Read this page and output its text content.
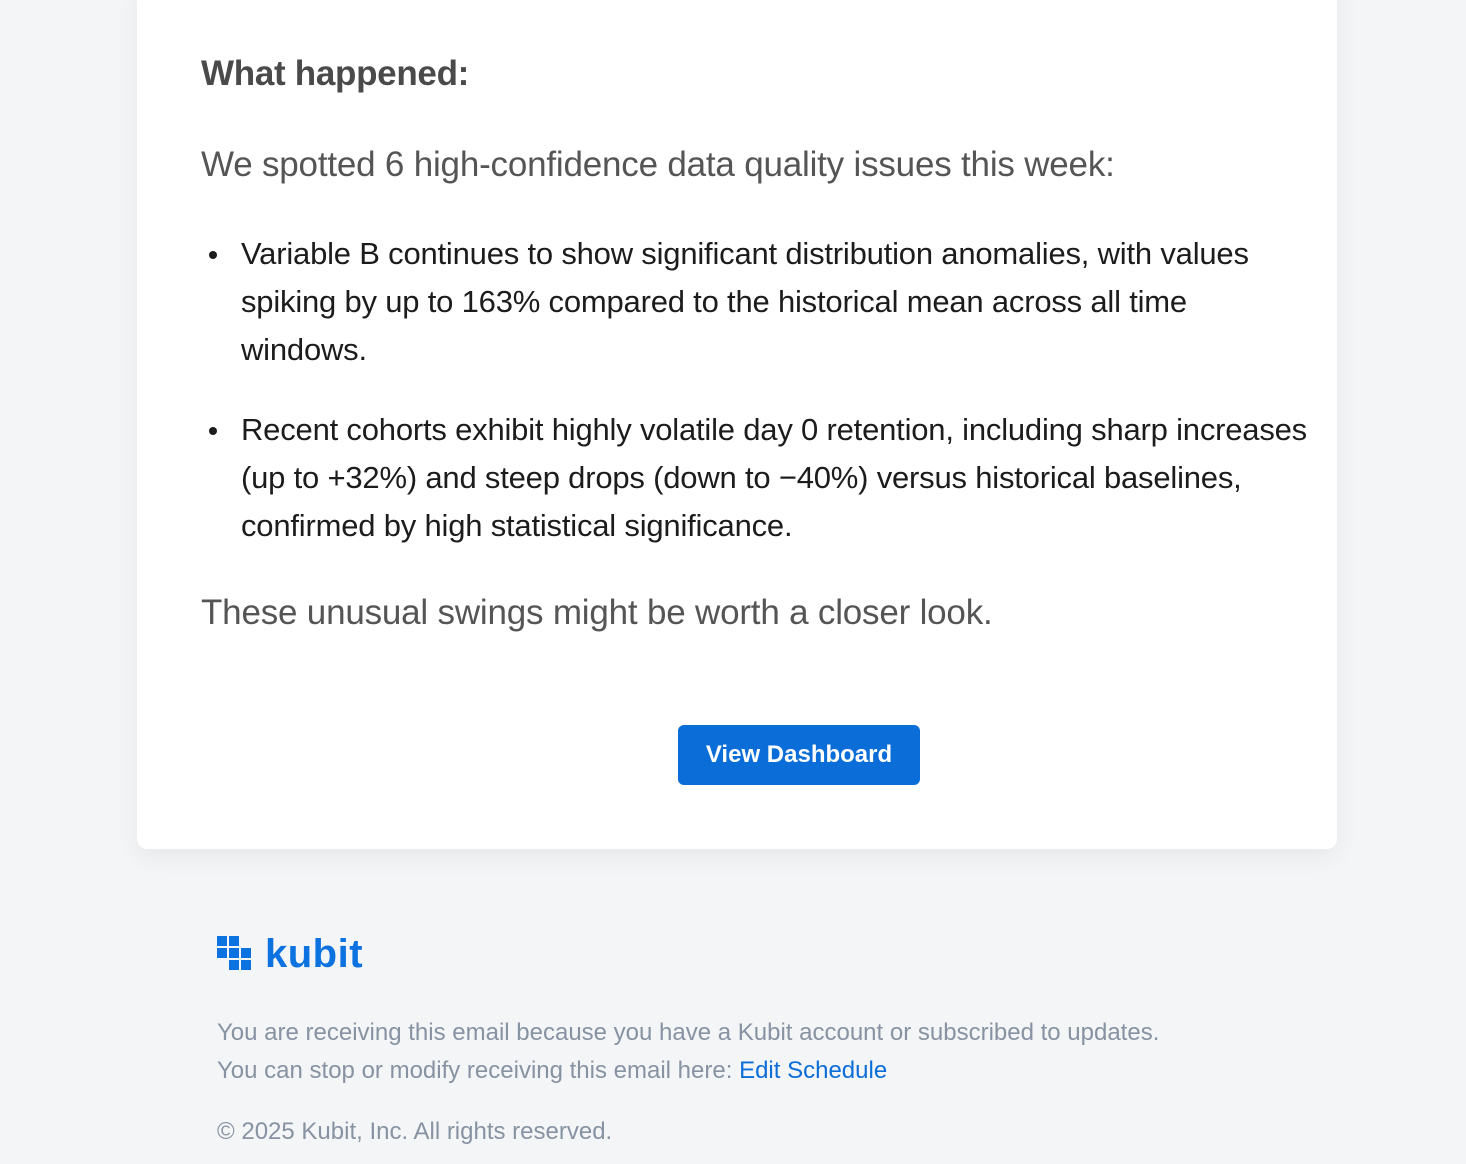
What happened:

We spotted 6 high-confidence data quality issues this week:

Variable B continues to show significant distribution anomalies, with values spiking by up to 163% compared to the historical mean across all time windows.
Recent cohorts exhibit highly volatile day 0 retention, including sharp increases (up to +32%) and steep drops (down to −40%) versus historical baselines, confirmed by high statistical significance.

These unusual swings might be worth a closer look.

View Dashboard
kubit

You are receiving this email because you have a Kubit account or subscribed to updates.

You can stop or modify receiving this email here: Edit Schedule

© 2025 Kubit, Inc. All rights reserved.
